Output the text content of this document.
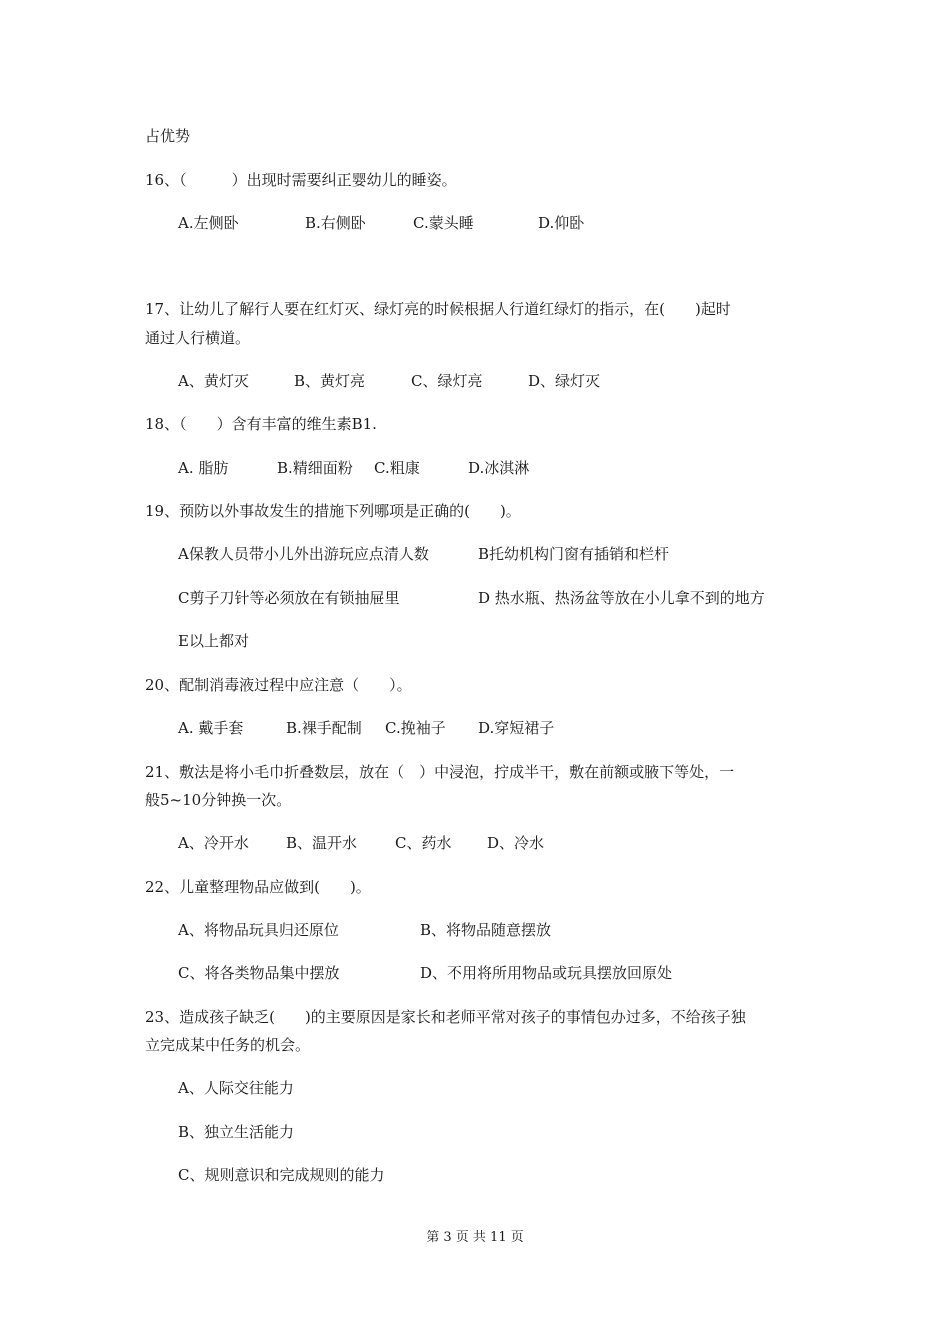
占优势
16、（　　　）出现时需要纠正婴幼儿的睡姿。
A.左侧卧	B.右侧卧	C.蒙头睡	D.仰卧
17、让幼儿了解行人要在红灯灭、绿灯亮的时候根据人行道红绿灯的指示，在(　　)起时
通过人行横道。
A、黄灯灭	B、黄灯亮	C、绿灯亮	D、绿灯灭
18、（　　）含有丰富的维生素B1.
A. 脂肪	B.精细面粉 C.粗康	D.冰淇淋
19、预防以外事故发生的措施下列哪项是正确的(　　)。
A保教人员带小儿外出游玩应点清人数	B托幼机构门窗有插销和栏杆
C剪子刀针等必须放在有锁抽屉里	D 热水瓶、热汤盆等放在小儿拿不到的地方
E以上都对
20、配制消毒液过程中应注意（　　）。
A. 戴手套	B.裸手配制 C.挽袖子 D.穿短裙子
21、敷法是将小毛巾折叠数层，放在（　）中浸泡，拧成半干，敷在前额或腋下等处，一
般5~10分钟换一次。
A、冷开水 B、温开水	C、药水 D、冷水
22、儿童整理物品应做到(　　)。
A、将物品玩具归还原位	B、将物品随意摆放
C、将各类物品集中摆放	D、不用将所用物品或玩具摆放回原处
23、造成孩子缺乏(　　)的主要原因是家长和老师平常对孩子的事情包办过多，不给孩子独
立完成某中任务的机会。
A、人际交往能力
B、独立生活能力
C、规则意识和完成规则的能力
第 3 页 共 11 页
